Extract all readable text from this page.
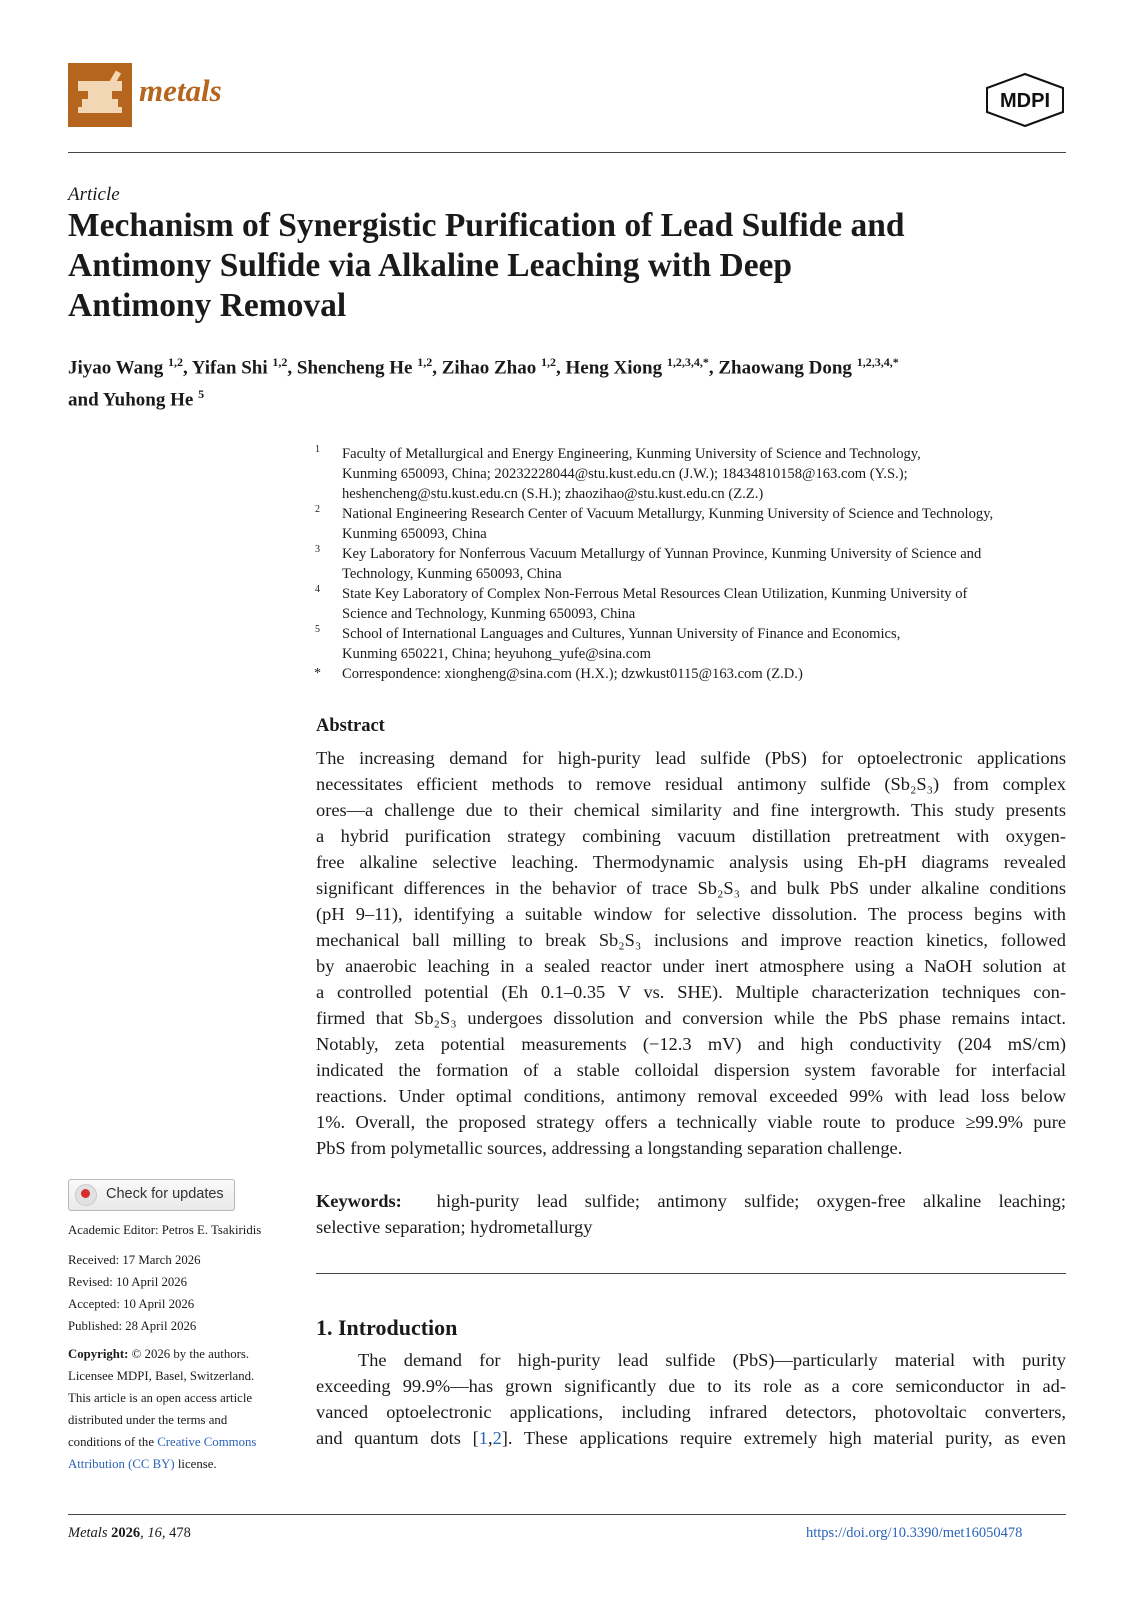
metals	MDPI
Article
Mechanism of Synergistic Purification of Lead Sulfide and
Antimony Sulfide via Alkaline Leaching with Deep
Antimony Removal
Jiyao Wang $^{1,2}$, Yifan Shi $^{1,2}$, Shencheng He $^{1,2}$, Zihao Zhao $^{1,2}$, Heng Xiong $^{1,2,3,4,*}$, Zhaowang Dong $^{1,2,3,4,*}$
and Yuhong He $^5$
1 Faculty of Metallurgical and Energy Engineering, Kunming University of Science and Technology,
Kunming 650093, China; 20232228044@stu.kust.edu.cn (J.W.); 18434810158@163.com (Y.S.);
heshencheng@stu.kust.edu.cn (S.H.); zhaozihao@stu.kust.edu.cn (Z.Z.)
2 National Engineering Research Center of Vacuum Metallurgy, Kunming University of Science and Technology,
Kunming 650093, China
3 Key Laboratory for Nonferrous Vacuum Metallurgy of Yunnan Province, Kunming University of Science and
Technology, Kunming 650093, China
4 State Key Laboratory of Complex Non-Ferrous Metal Resources Clean Utilization, Kunming University of
Science and Technology, Kunming 650093, China
5 School of International Languages and Cultures, Yunnan University of Finance and Economics,
Kunming 650221, China; heyuhong_yufe@sina.com
* Correspondence: xiongheng@sina.com (H.X.); dzwkust0115@163.com (Z.D.)
Abstract
The increasing demand for high-purity lead sulfide (PbS) for optoelectronic applications
necessitates efficient methods to remove residual antimony sulfide (Sb₂S₃) from complex
ores—a challenge due to their chemical similarity and fine intergrowth. This study presents
a hybrid purification strategy combining vacuum distillation pretreatment with oxygen-
free alkaline selective leaching. Thermodynamic analysis using Eh-pH diagrams revealed
significant differences in the behavior of trace Sb₂S₃ and bulk PbS under alkaline conditions
(pH 9–11), identifying a suitable window for selective dissolution. The process begins with
mechanical ball milling to break Sb₂S₃ inclusions and improve reaction kinetics, followed
by anaerobic leaching in a sealed reactor under inert atmosphere using a NaOH solution at
a controlled potential (Eh 0.1–0.35 V vs. SHE). Multiple characterization techniques con-
firmed that Sb₂S₃ undergoes dissolution and conversion while the PbS phase remains intact.
Notably, zeta potential measurements (−12.3 mV) and high conductivity (204 mS/cm)
indicated the formation of a stable colloidal dispersion system favorable for interfacial
reactions. Under optimal conditions, antimony removal exceeded 99% with lead loss below
1%. Overall, the proposed strategy offers a technically viable route to produce ≥99.9% pure
PbS from polymetallic sources, addressing a longstanding separation challenge.
Keywords: high-purity lead sulfide; antimony sulfide; oxygen-free alkaline leaching;
selective separation; hydrometallurgy
1. Introduction
The demand for high-purity lead sulfide (PbS)—particularly material with purity
exceeding 99.9%—has grown significantly due to its role as a core semiconductor in ad-
vanced optoelectronic applications, including infrared detectors, photovoltaic converters,
and quantum dots [1,2]. These applications require extremely high material purity, as even
Check for updates
Academic Editor: Petros E. Tsakiridis
Received: 17 March 2026
Revised: 10 April 2026
Accepted: 10 April 2026
Published: 28 April 2026
Copyright: © 2026 by the authors.
Licensee MDPI, Basel, Switzerland.
This article is an open access article
distributed under the terms and
conditions of the Creative Commons
Attribution (CC BY) license.
Metals 2026, 16, 478	https://doi.org/10.3390/met16050478
